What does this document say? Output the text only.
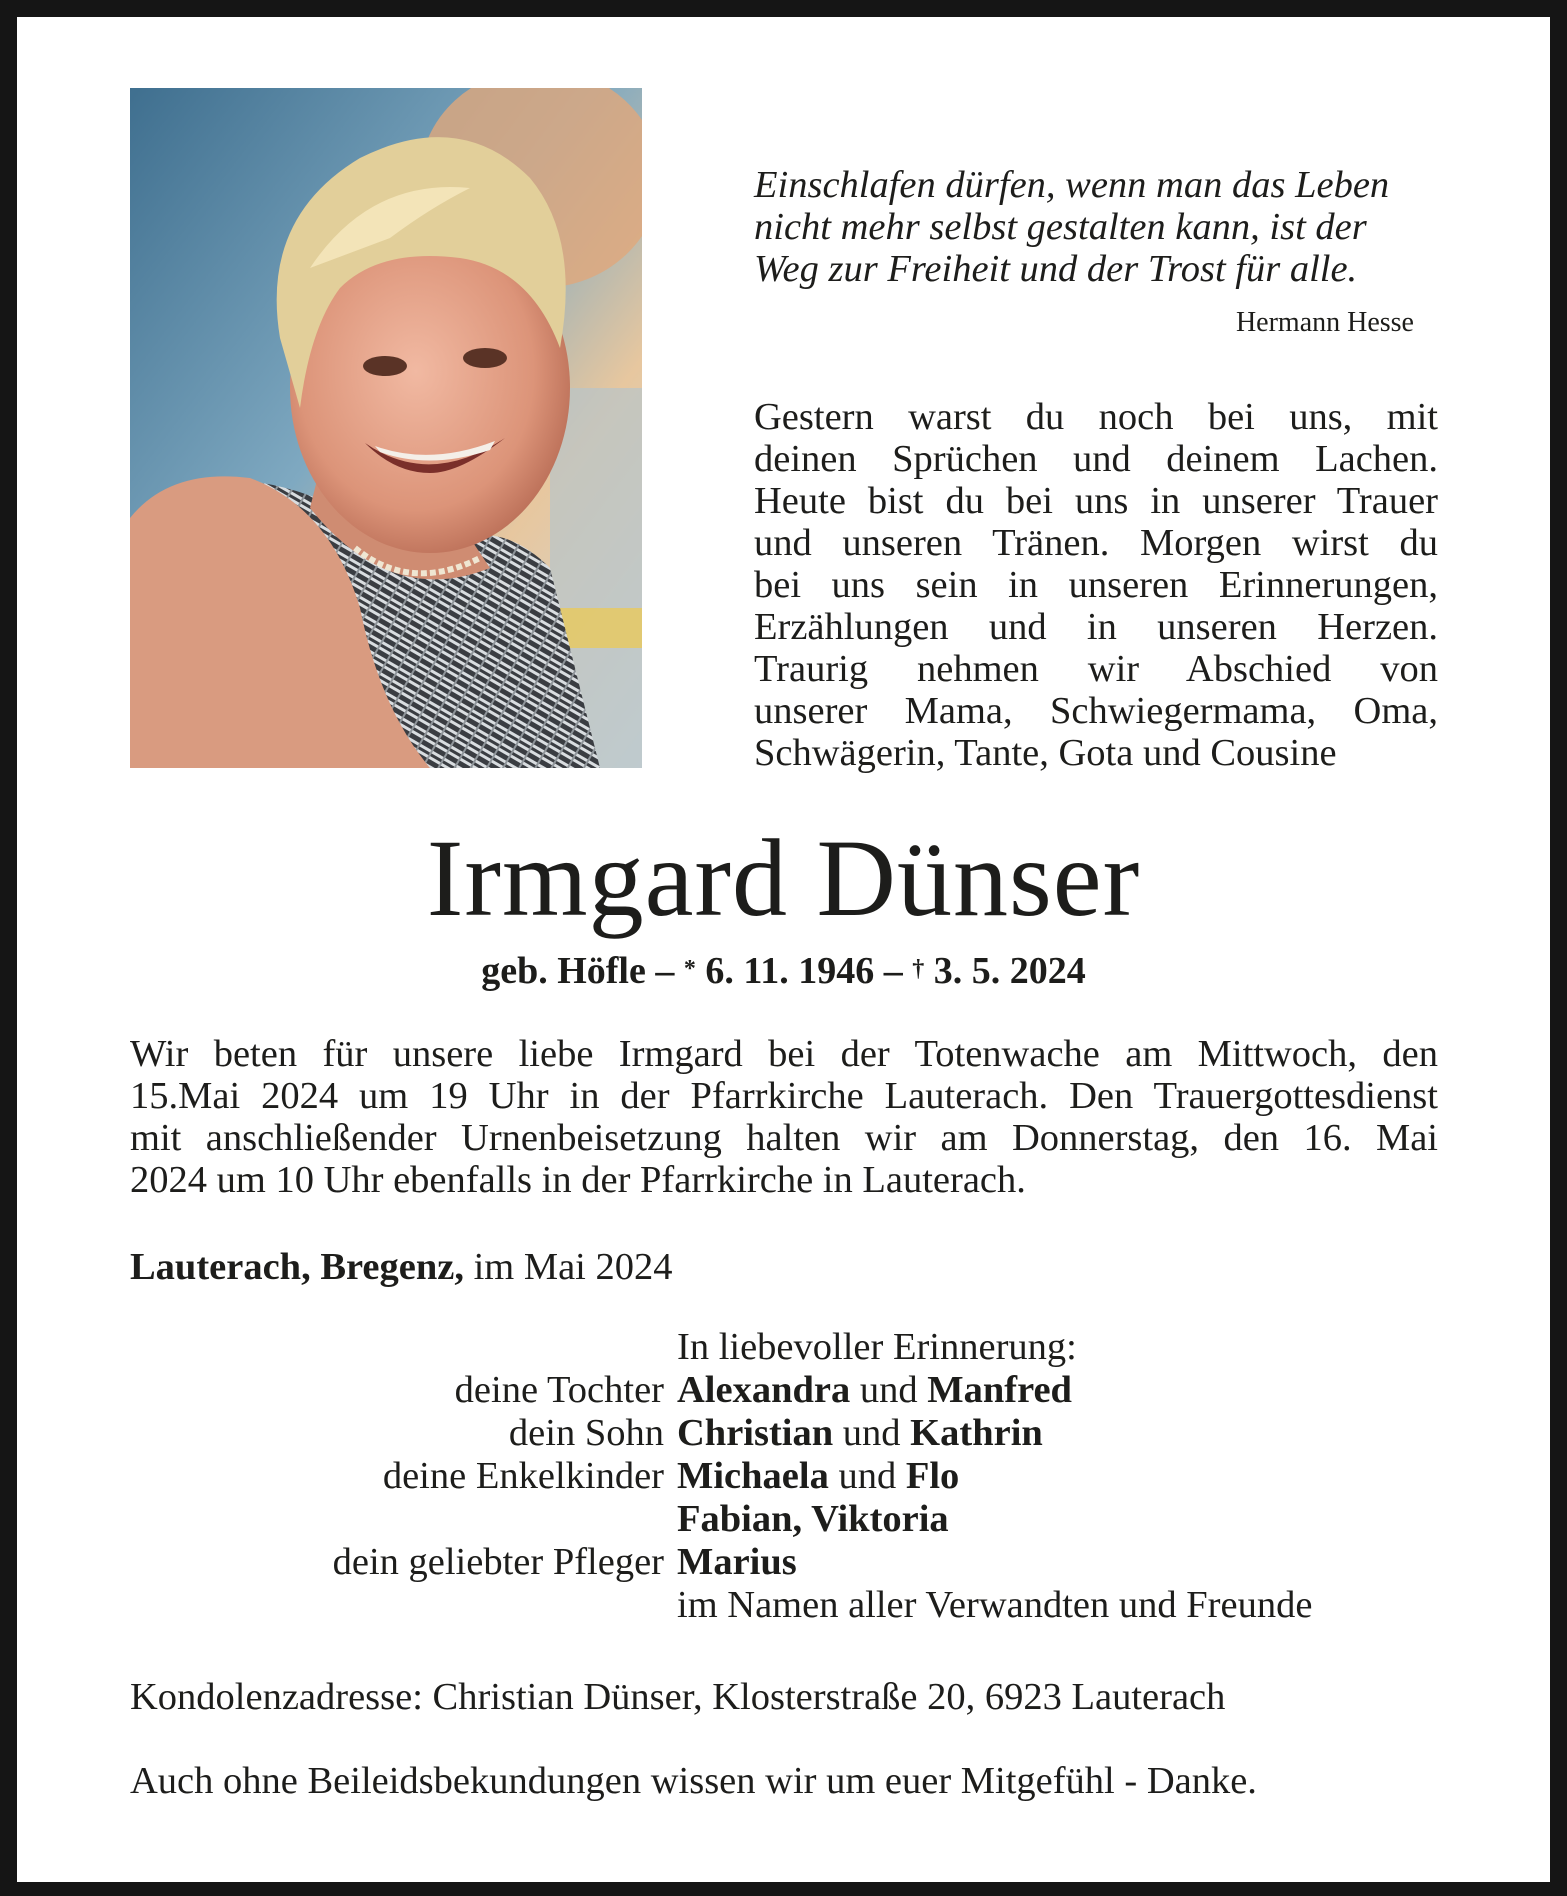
Einschlafen dürfen, wenn man das Leben
nicht mehr selbst gestalten kann, ist der
Weg zur Freiheit und der Trost für alle.
Hermann Hesse
Gestern warst du noch bei uns, mit
deinen Sprüchen und deinem Lachen.
Heute bist du bei uns in unserer Trauer
und unseren Tränen. Morgen wirst du
bei uns sein in unseren Erinnerungen,
Erzählungen und in unseren Herzen.
Traurig nehmen wir Abschied von
unserer Mama, Schwiegermama, Oma,
Schwägerin, Tante, Gota und Cousine
Irmgard Dünser
geb. Höfle – * 6. 11. 1946 – † 3. 5. 2024
Wir beten für unsere liebe Irmgard bei der Totenwache am Mittwoch, den
15.Mai 2024 um 19 Uhr in der Pfarrkirche Lauterach. Den Trauergottesdienst
mit anschließender Urnenbeisetzung halten wir am Donnerstag, den 16. Mai
2024 um 10 Uhr ebenfalls in der Pfarrkirche in Lauterach.
Lauterach, Bregenz, im Mai 2024
In liebevoller Erinnerung:
deine Tochter Alexandra und Manfred
dein Sohn Christian und Kathrin
deine Enkelkinder Michaela und Flo
Fabian, Viktoria
dein geliebter Pfleger Marius
im Namen aller Verwandten und Freunde
Kondolenzadresse: Christian Dünser, Klosterstraße 20, 6923 Lauterach
Auch ohne Beileidsbekundungen wissen wir um euer Mitgefühl - Danke.
